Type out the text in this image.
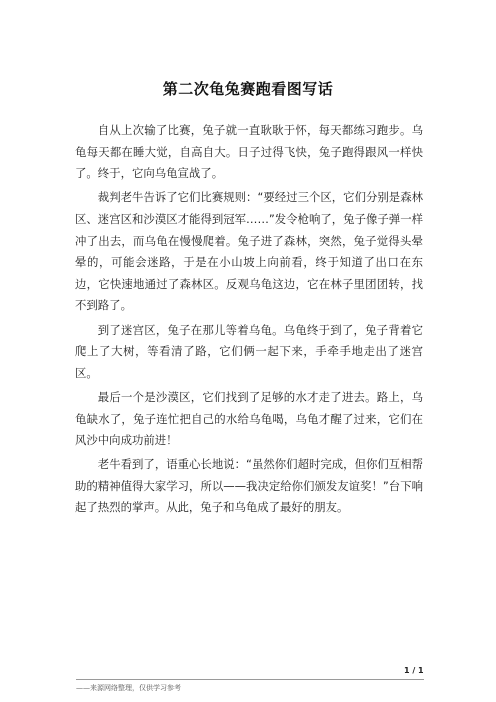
第二次龟兔赛跑看图写话

自从上次输了比赛，兔子就一直耿耿于怀，每天都练习跑步。乌龟每天都在睡大觉，自高自大。日子过得飞快，兔子跑得跟风一样快了。终于，它向乌龟宣战了。

裁判老牛告诉了它们比赛规则：“要经过三个区，它们分别是森林区、迷宫区和沙漠区才能得到冠军……”发令枪响了，兔子像子弹一样冲了出去，而乌龟在慢慢爬着。兔子进了森林，突然，兔子觉得头晕晕的，可能会迷路，于是在小山坡上向前看，终于知道了出口在东边，它快速地通过了森林区。反观乌龟这边，它在林子里团团转，找不到路了。

到了迷宫区，兔子在那儿等着乌龟。乌龟终于到了，兔子背着它爬上了大树，等看清了路，它们俩一起下来，手牵手地走出了迷宫区。

最后一个是沙漠区，它们找到了足够的水才走了进去。路上，乌龟缺水了，兔子连忙把自己的水给乌龟喝，乌龟才醒了过来，它们在风沙中向成功前进！

老牛看到了，语重心长地说：“虽然你们超时完成，但你们互相帮助的精神值得大家学习，所以——我决定给你们颁发友谊奖！”台下响起了热烈的掌声。从此，兔子和乌龟成了最好的朋友。

1 / 1
——来源网络整理，仅供学习参考
